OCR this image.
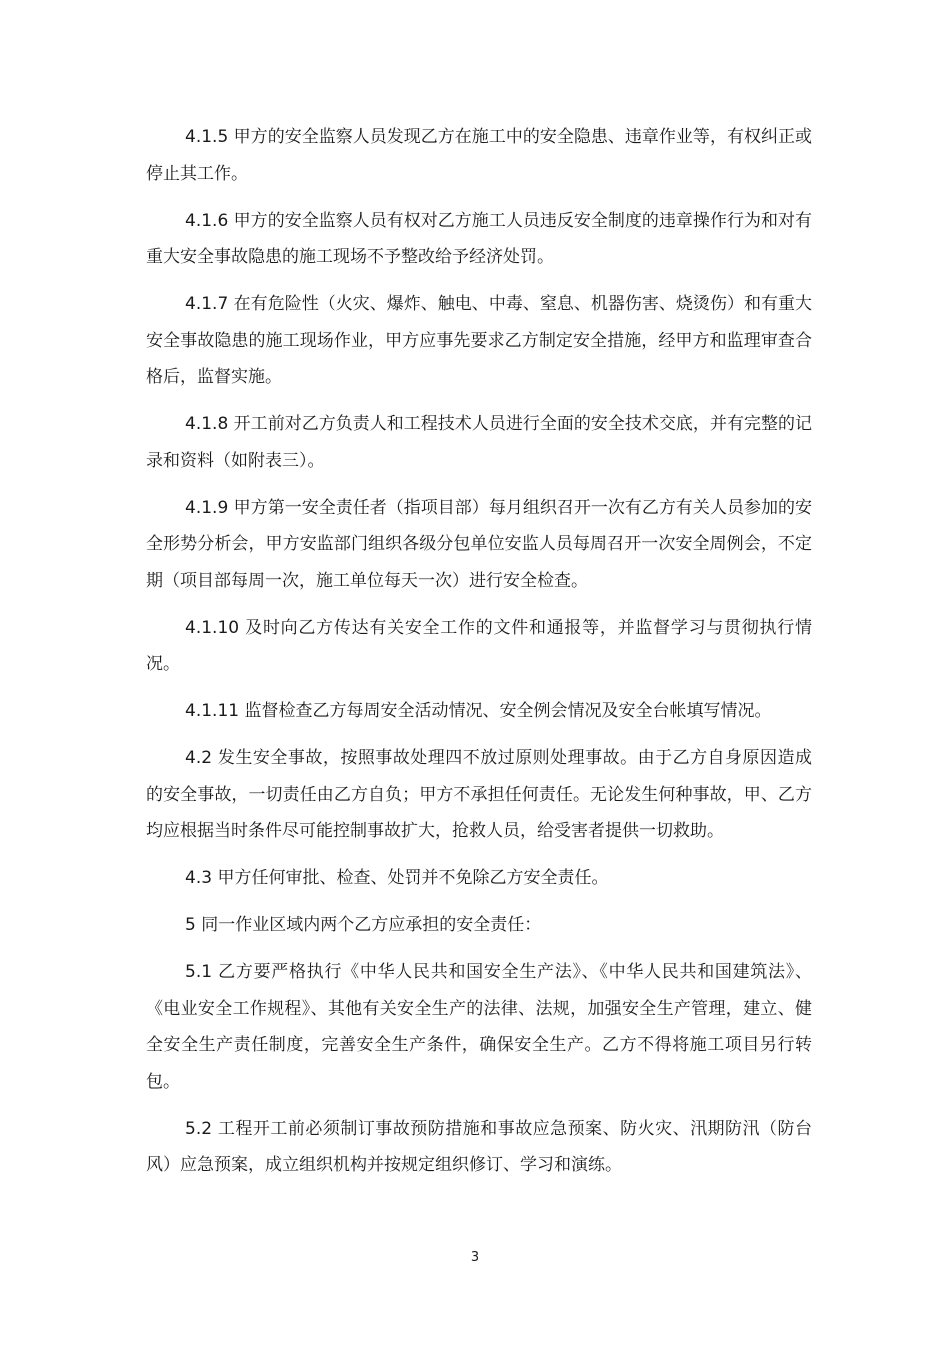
4.1.5 甲方的安全监察人员发现乙方在施工中的安全隐患、违章作业等，有权纠正或停止其工作。

4.1.6 甲方的安全监察人员有权对乙方施工人员违反安全制度的违章操作行为和对有重大安全事故隐患的施工现场不予整改给予经济处罚。

4.1.7 在有危险性（火灾、爆炸、触电、中毒、窒息、机器伤害、烧烫伤）和有重大安全事故隐患的施工现场作业，甲方应事先要求乙方制定安全措施，经甲方和监理审查合格后，监督实施。

4.1.8 开工前对乙方负责人和工程技术人员进行全面的安全技术交底，并有完整的记录和资料（如附表三）。

4.1.9 甲方第一安全责任者（指项目部）每月组织召开一次有乙方有关人员参加的安全形势分析会，甲方安监部门组织各级分包单位安监人员每周召开一次安全周例会，不定期（项目部每周一次，施工单位每天一次）进行安全检查。

4.1.10 及时向乙方传达有关安全工作的文件和通报等，并监督学习与贯彻执行情况。

4.1.11 监督检查乙方每周安全活动情况、安全例会情况及安全台帐填写情况。

4.2 发生安全事故，按照事故处理四不放过原则处理事故。由于乙方自身原因造成的安全事故，一切责任由乙方自负；甲方不承担任何责任。无论发生何种事故，甲、乙方均应根据当时条件尽可能控制事故扩大，抢救人员，给受害者提供一切救助。

4.3 甲方任何审批、检查、处罚并不免除乙方安全责任。

5 同一作业区域内两个乙方应承担的安全责任：

5.1 乙方要严格执行《中华人民共和国安全生产法》、《中华人民共和国建筑法》、《电业安全工作规程》、其他有关安全生产的法律、法规，加强安全生产管理，建立、健全安全生产责任制度，完善安全生产条件，确保安全生产。乙方不得将施工项目另行转包。

5.2 工程开工前必须制订事故预防措施和事故应急预案、防火灾、汛期防汛（防台风）应急预案，成立组织机构并按规定组织修订、学习和演练。

3
